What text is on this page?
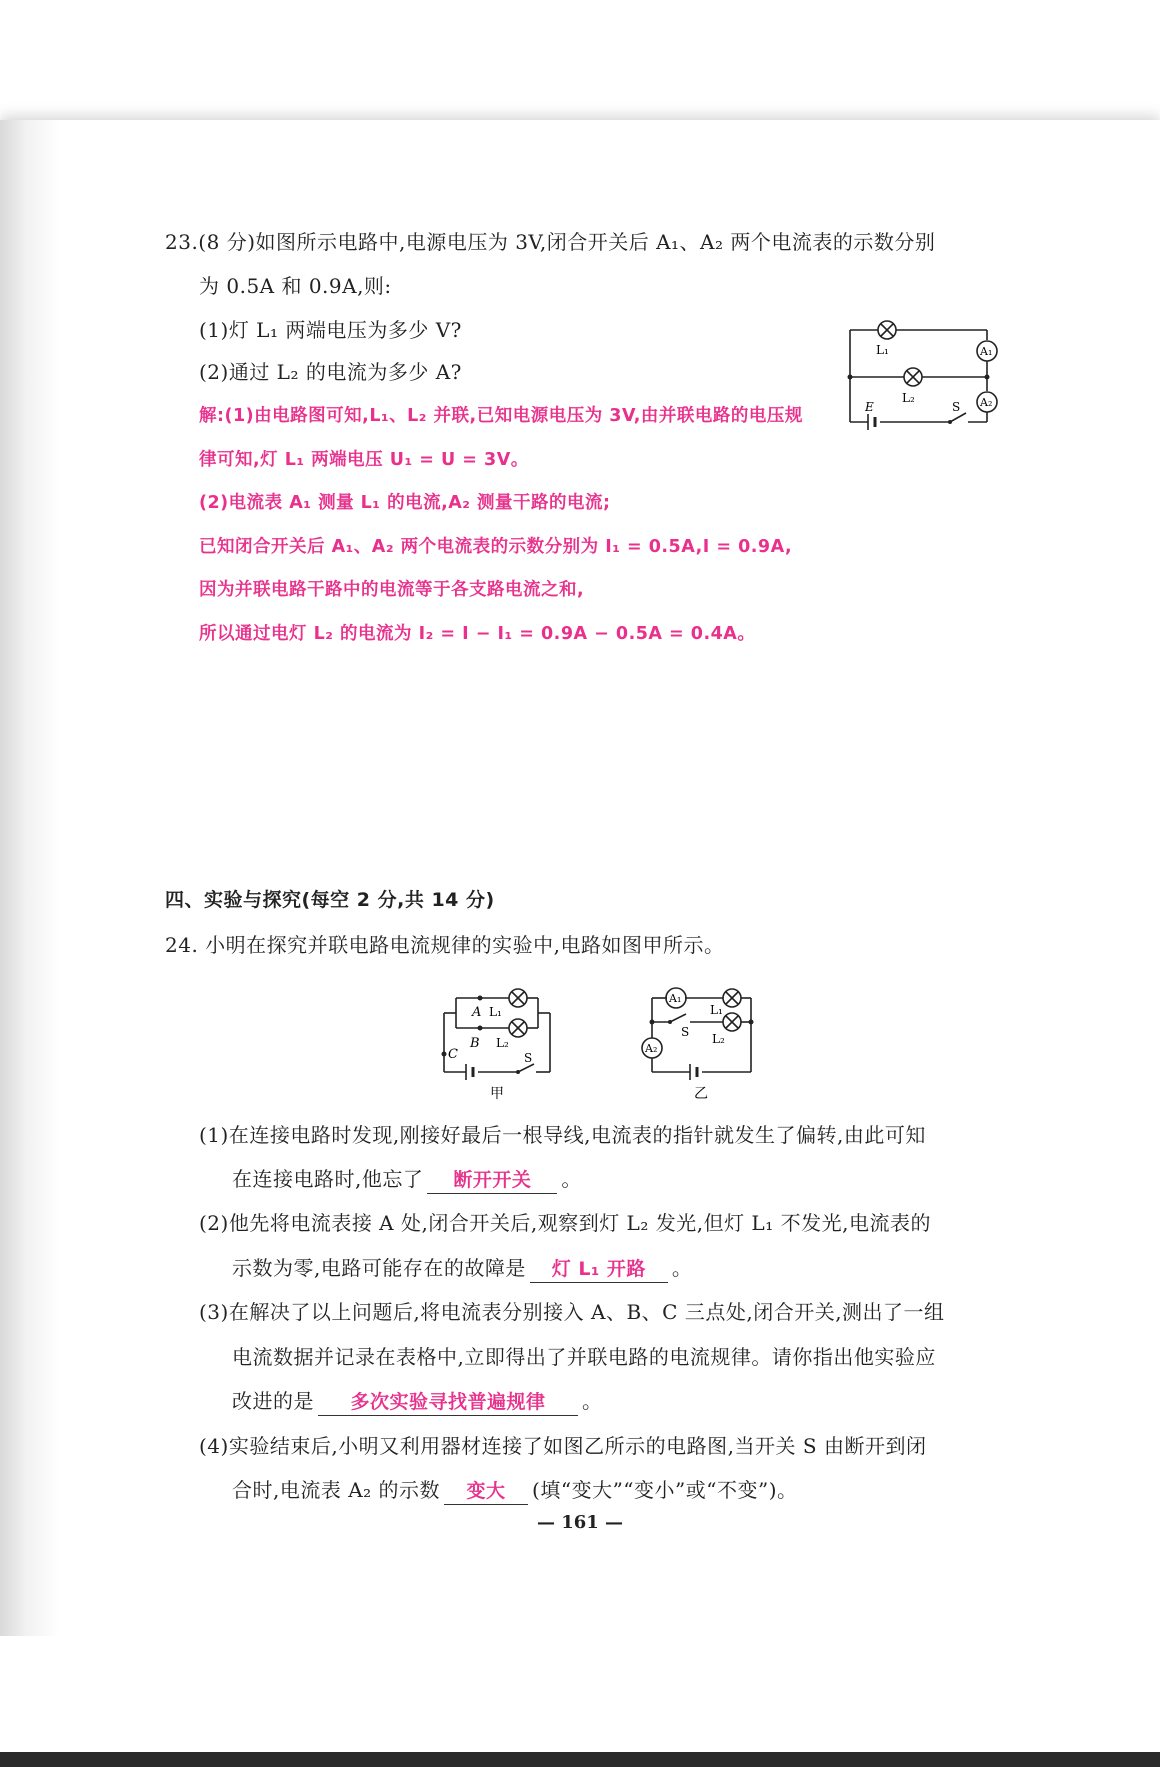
23.(8 分)如图所示电路中,电源电压为 3V,闭合开关后 A₁、A₂ 两个电流表的示数分别
为 0.5A 和 0.9A,则:
(1)灯 L₁ 两端电压为多少 V?
(2)通过 L₂ 的电流为多少 A?
解:(1)由电路图可知,L₁、L₂ 并联,已知电源电压为 3V,由并联电路的电压规
律可知,灯 L₁ 两端电压 U₁ = U = 3V。
(2)电流表 A₁ 测量 L₁ 的电流,A₂ 测量干路的电流;
已知闭合开关后 A₁、A₂ 两个电流表的示数分别为 I₁ = 0.5A,I = 0.9A,
因为并联电路干路中的电流等于各支路电流之和,
所以通过电灯 L₂ 的电流为 I₂ = I − I₁ = 0.9A − 0.5A = 0.4A。
L₁
L₂
A₁
A₂
E	S
四、实验与探究(每空 2 分,共 14 分)
24. 小明在探究并联电路电流规律的实验中,电路如图甲所示。
A L₁
B L₂
C	S
甲
A₁
A₂
L₁
L₂
S
乙
(1)在连接电路时发现,刚接好最后一根导线,电流表的指针就发生了偏转,由此可知
在连接电路时,他忘了 断开开关 。
(2)他先将电流表接 A 处,闭合开关后,观察到灯 L₂ 发光,但灯 L₁ 不发光,电流表的
示数为零,电路可能存在的故障是 灯 L₁ 开路 。
(3)在解决了以上问题后,将电流表分别接入 A、B、C 三点处,闭合开关,测出了一组
电流数据并记录在表格中,立即得出了并联电路的电流规律。请你指出他实验应
改进的是 多次实验寻找普遍规律 。
(4)实验结束后,小明又利用器材连接了如图乙所示的电路图,当开关 S 由断开到闭
合时,电流表 A₂ 的示数 变大 (填“变大”“变小”或“不变”)。
— 161 —
